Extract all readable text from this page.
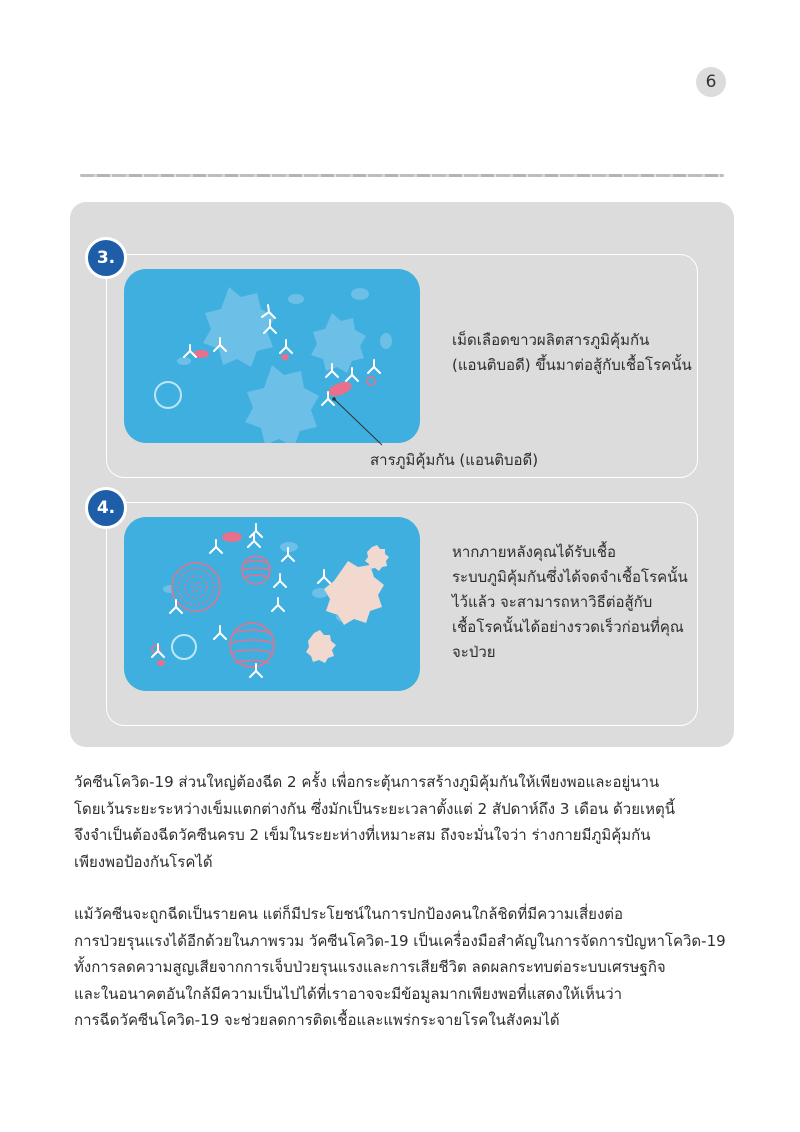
6
3.
4.
สารภูมิคุ้มกัน (แอนติบอดี)
เม็ดเลือดขาวผลิตสารภูมิคุ้มกัน
(แอนติบอดี) ขึ้นมาต่อสู้กับเชื้อโรคนั้น
หากภายหลังคุณได้รับเชื้อ
ระบบภูมิคุ้มกันซึ่งได้จดจำเชื้อโรคนั้น
ไว้แล้ว จะสามารถหาวิธีต่อสู้กับ
เชื้อโรคนั้นได้อย่างรวดเร็วก่อนที่คุณ
จะป่วย
วัคซีนโควิด-19 ส่วนใหญ่ต้องฉีด 2 ครั้ง เพื่อกระตุ้นการสร้างภูมิคุ้มกันให้เพียงพอและอยู่นาน
โดยเว้นระยะระหว่างเข็มแตกต่างกัน ซึ่งมักเป็นระยะเวลาตั้งแต่ 2 สัปดาห์ถึง 3 เดือน ด้วยเหตุนี้
จึงจำเป็นต้องฉีดวัคซีนครบ 2 เข็มในระยะห่างที่เหมาะสม ถึงจะมั่นใจว่า ร่างกายมีภูมิคุ้มกัน
เพียงพอป้องกันโรคได้
แม้วัคซีนจะถูกฉีดเป็นรายคน แต่ก็มีประโยชน์ในการปกป้องคนใกล้ชิดที่มีความเสี่ยงต่อ
การป่วยรุนแรงได้อีกด้วยในภาพรวม วัคซีนโควิด-19 เป็นเครื่องมือสำคัญในการจัดการปัญหาโควิด-19
ทั้งการลดความสูญเสียจากการเจ็บป่วยรุนแรงและการเสียชีวิต ลดผลกระทบต่อระบบเศรษฐกิจ
และในอนาคตอันใกล้มีความเป็นไปได้ที่เราอาจจะมีข้อมูลมากเพียงพอที่แสดงให้เห็นว่า
การฉีดวัคซีนโควิด-19 จะช่วยลดการติดเชื้อและแพร่กระจายโรคในสังคมได้
